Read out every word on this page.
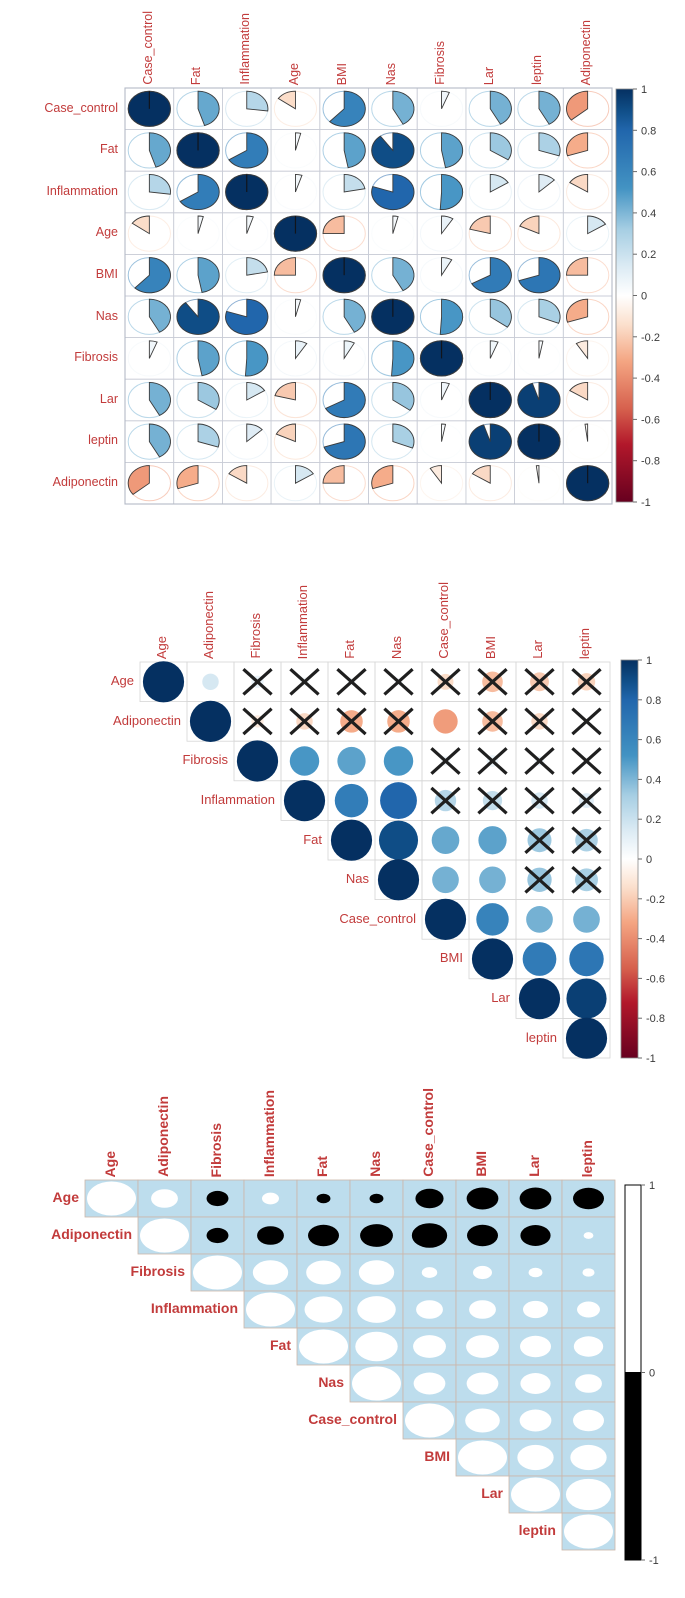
1
0.8
0.6
0.4
0.2
0
-0.2
-0.4
-0.6
-0.8
-1
Case_control	Fat	Inflammation	Age	BMI	Nas	Fibrosis	Lar	leptin	Adiponectin
Case_control
Fat
Inflammation
Age
BMI
Nas
Fibrosis
Lar
leptin
Adiponectin
1
0.8
0.6
0.4
0.2
0
-0.2
-0.4
-0.6
-0.8
-1
Age Adiponectin Fibrosis Inflammation Fat Nas Case_control BMI Lar leptin
Age
Adiponectin
Fibrosis
Inflammation
Fat
Nas
Case_control
BMI
Lar
leptin
1
0
-1
Age	Adiponectin	Fibrosis	Inflammation	Fat	Nas	Case_control	BMI	Lar	leptin
Age
Adiponectin
Fibrosis
Inflammation
Fat
Nas
Case_control
BMI
Lar
leptin
